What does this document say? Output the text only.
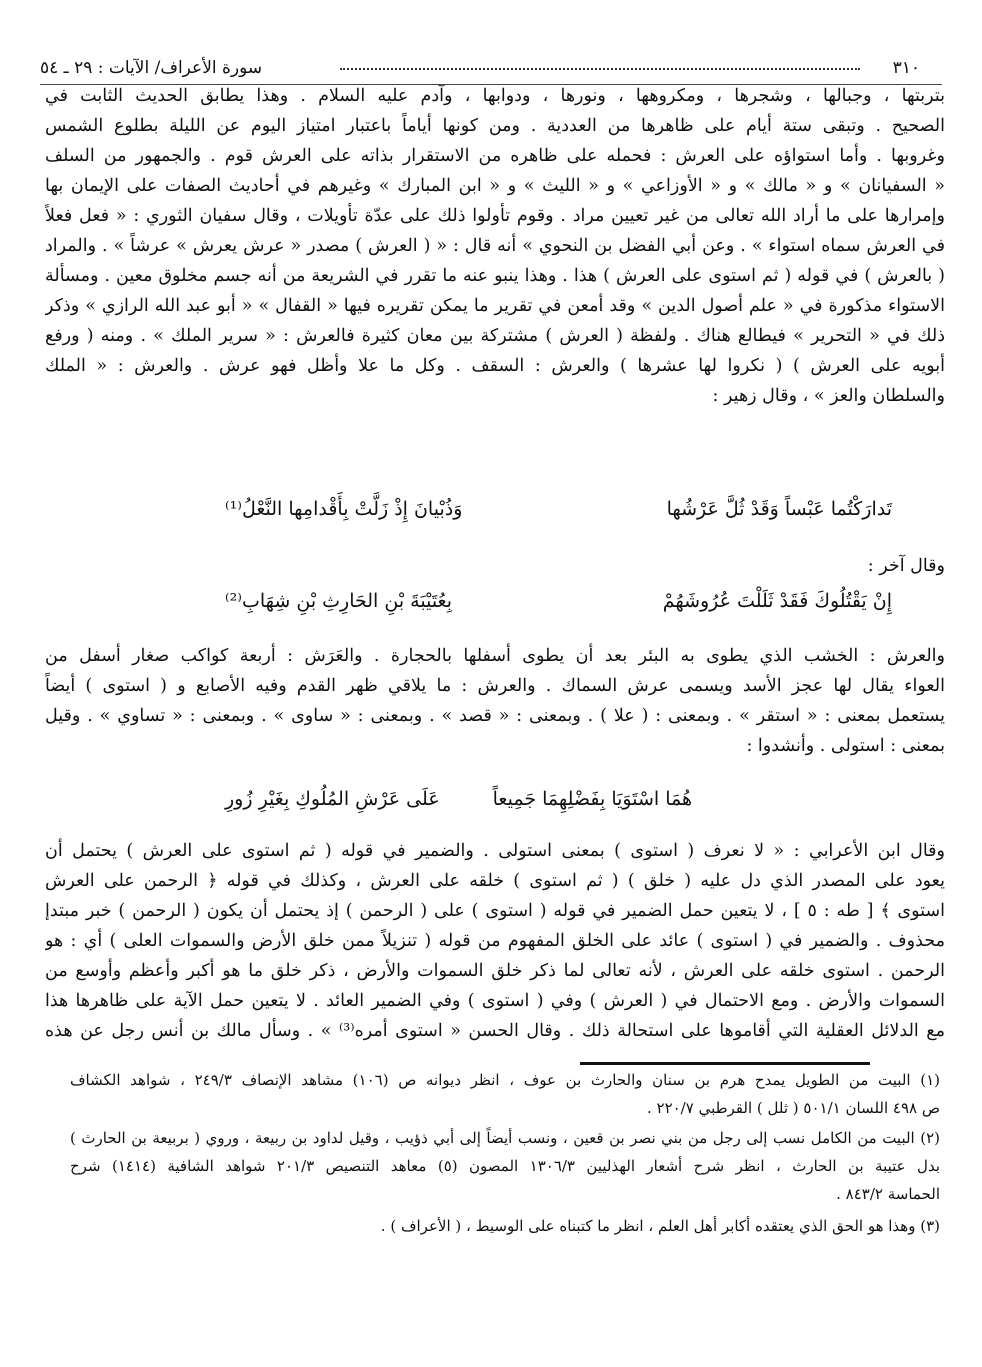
٣١٠
سورة الأعراف/ الآيات : ٢٩ ـ ٥٤
بتربتها ، وجبالها ، وشجرها ، ومكروهها ، ونورها ، ودوابها ، وآدم عليه السلام . وهذا يطابق الحديث الثابت في
الصحيح . وتبقى ستة أيام على ظاهرها من العددية . ومن كونها أياماً باعتبار امتياز اليوم عن الليلة بطلوع الشمس
وغروبها . وأما استواؤه على العرش : فحمله على ظاهره من الاستقرار بذاته على العرش قوم . والجمهور من السلف
« السفيانان » و « مالك » و « الأوزاعي » و « الليث » و « ابن المبارك » وغيرهم في أحاديث الصفات على الإيمان بها
وإمرارها على ما أراد الله تعالى من غير تعيين مراد . وقوم تأولوا ذلك على عدّة تأويلات ، وقال سفيان الثوري : « فعل فعلاً
في العرش سماه استواء » . وعن أبي الفضل بن النحوي » أنه قال : « ( العرش ) مصدر « عرش يعرش » عرشاً » . والمراد
( بالعرش ) في قوله ( ثم استوى على العرش ) هذا . وهذا ينبو عنه ما تقرر في الشريعة من أنه جسم مخلوق معين . ومسألة
الاستواء مذكورة في « علم أصول الدين » وقد أمعن في تقرير ما يمكن تقريره فيها « القفال » « أبو عبد الله الرازي » وذكر
ذلك في « التحرير » فيطالع هناك . ولفظة ( العرش ) مشتركة بين معان كثيرة فالعرش : « سرير الملك » . ومنه ( ورفع
أبويه على العرش ) ( نكروا لها عشرها ) والعرش : السقف . وكل ما علا وأظل فهو عرش . والعرش : « الملك
والسلطان والعز » ، وقال زهير :
تَدارَكْتُما عَبْساً وَقَدْ ثُلَّ عَرْشُها
وَذُبْيانَ إِذْ زَلَّتْ بِأَقْدامِها النَّعْلُ⁽¹⁾
وقال آخر :
إِنْ يَقْتُلُوكَ فَقَدْ ثَلَلْتَ عُرُوشَهُمْ
بِعُتَيْبَةَ بْنِ الحَارِثِ بْنِ شِهَابِ⁽²⁾
والعرش : الخشب الذي يطوى به البئر بعد أن يطوى أسفلها بالحجارة . والعَرَش : أربعة كواكب صغار أسفل من
العواء يقال لها عجز الأسد ويسمى عرش السماك . والعرش : ما يلاقي ظهر القدم وفيه الأصابع و ( استوى ) أيضاً
يستعمل بمعنى : « استقر » . وبمعنى : ( علا ) . وبمعنى : « قصد » . وبمعنى : « ساوى » . وبمعنى : « تساوي » . وقيل
بمعنى : استولى . وأنشدوا :
هُمَا اسْتَوَيَا بِفَضْلِهِمَا جَمِيعاً
عَلَى عَرْشِ المُلُوكِ بِغَيْرِ زُورِ
وقال ابن الأعرابي : « لا نعرف ( استوى ) بمعنى استولى . والضمير في قوله ( ثم استوى على العرش ) يحتمل أن
يعود على المصدر الذي دل عليه ( خلق ) ( ثم استوى ) خلقه على العرش ، وكذلك في قوله ﴿ الرحمن على العرش
استوى ﴾ [ طه : ٥ ] ، لا يتعين حمل الضمير في قوله ( استوى ) على ( الرحمن ) إذ يحتمل أن يكون ( الرحمن ) خبر مبتدإ
محذوف . والضمير في ( استوى ) عائد على الخلق المفهوم من قوله ( تنزيلاً ممن خلق الأرض والسموات العلى ) أي : هو
الرحمن . استوى خلقه على العرش ، لأنه تعالى لما ذكر خلق السموات والأرض ، ذكر خلق ما هو أكبر وأعظم وأوسع من
السموات والأرض . ومع الاحتمال في ( العرش ) وفي ( استوى ) وفي الضمير العائد . لا يتعين حمل الآية على ظاهرها هذا
مع الدلائل العقلية التي أقاموها على استحالة ذلك . وقال الحسن « استوى أمره⁽³⁾ » . وسأل مالك بن أنس رجل عن هذه
(١) البيت من الطويل يمدح هرم بن سنان والحارث بن عوف ، انظر ديوانه ص (١٠٦) مشاهد الإنصاف ٢٤٩/٣ ، شواهد الكشاف
ص ٤٩٨ اللسان ٥٠١/١ ( ثلل ) القرطبي ٢٢٠/٧ .
(٢) البيت من الكامل نسب إلى رجل من بني نصر بن قعين ، ونسب أيضاً إلى أبي ذؤيب ، وقيل لداود بن ربيعة ، وروي ( بربيعة بن الحارث )
بدل عتيبة بن الحارث ، انظر شرح أشعار الهذليين ١٣٠٦/٣ المصون (٥) معاهد التنصيص ٢٠١/٣ شواهد الشافية (١٤١٤) شرح
الحماسة ٨٤٣/٢ .
(٣) وهذا هو الحق الذي يعتقده أكابر أهل العلم ، انظر ما كتبناه على الوسيط ، ( الأعراف ) .
